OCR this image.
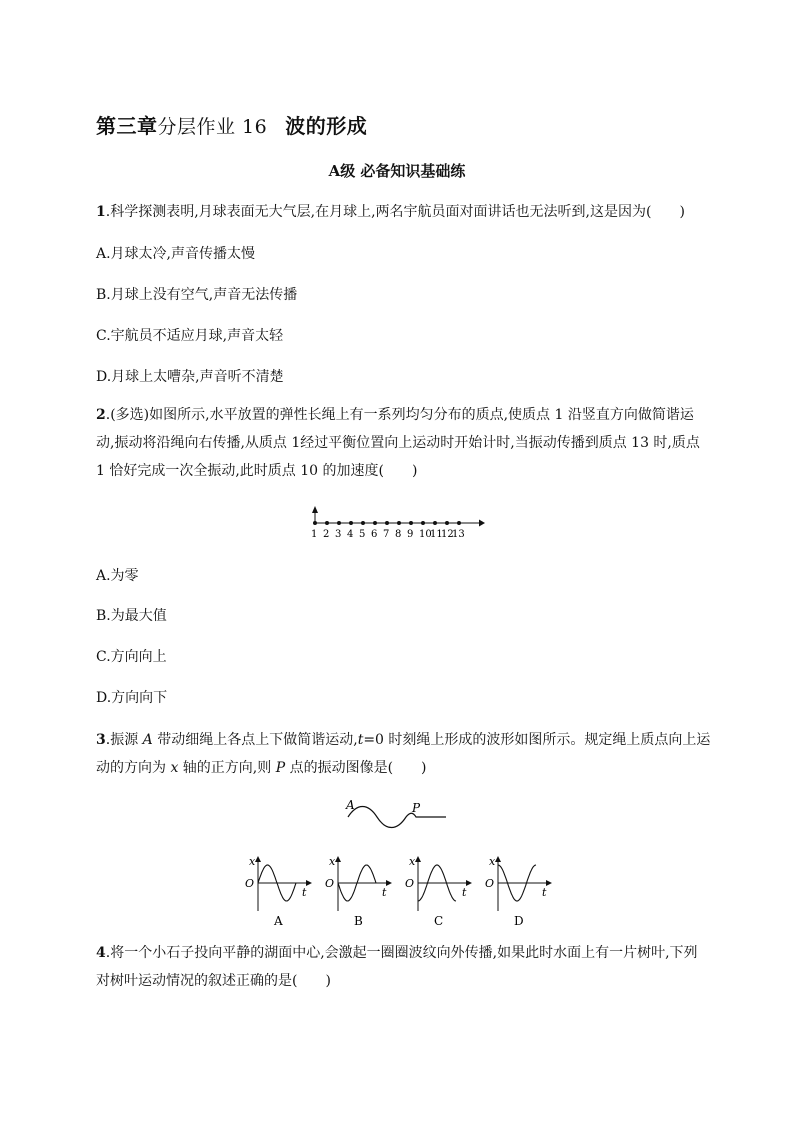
第三章分层作业 16 波的形成
A级 必备知识基础练
1.科学探测表明,月球表面无大气层,在月球上,两名宇航员面对面讲话也无法听到,这是因为(　　)
A.月球太冷,声音传播太慢
B.月球上没有空气,声音无法传播
C.宇航员不适应月球,声音太轻
D.月球上太嘈杂,声音听不清楚
2.(多选)如图所示,水平放置的弹性长绳上有一系列均匀分布的质点,使质点 1 沿竖直方向做简谐运
动,振动将沿绳向右传播,从质点 1经过平衡位置向上运动时开始计时,当振动传播到质点 13 时,质点
1 恰好完成一次全振动,此时质点 10 的加速度(　　)
1 2 3 4 5 6 7 8 9 10
11
12
13
A.为零
B.为最大值
C.方向向上
D.方向向下
3.振源 A 带动细绳上各点上下做简谐运动,t=0 时刻绳上形成的波形如图所示。规定绳上质点向上运
动的方向为 x 轴的正方向,则 P 点的振动图像是(　　)
A	P
x
t
O
A
x
t
O
B
x
t
O
C
x
t
O
D
4.将一个小石子投向平静的湖面中心,会激起一圈圈波纹向外传播,如果此时水面上有一片树叶,下列
对树叶运动情况的叙述正确的是(　　)
